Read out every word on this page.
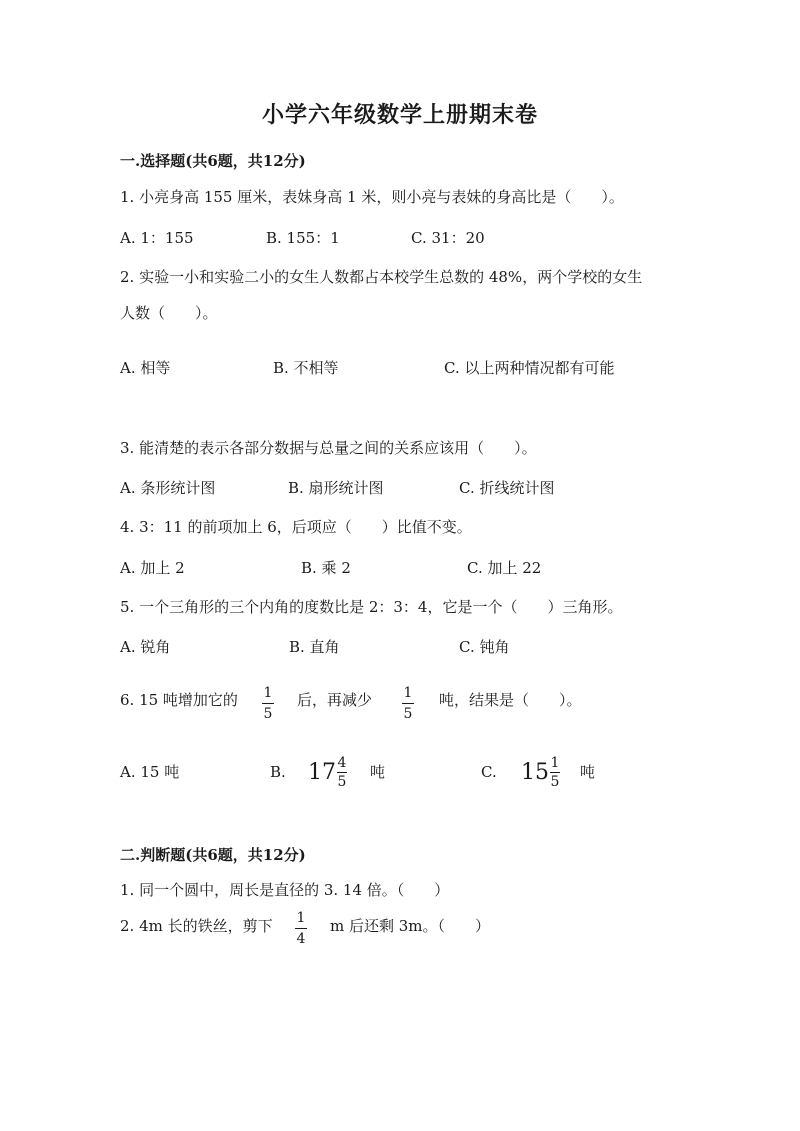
小学六年级数学上册期末卷
一.选择题(共6题，共12分)
1. 小亮身高 155 厘米，表妹身高 1 米，则小亮与表妹的身高比是（　　）。
A. 1：155	B. 155：1	C. 31：20
2. 实验一小和实验二小的女生人数都占本校学生总数的 48%，两个学校的女生
人数（　　）。
A. 相等	B. 不相等	C. 以上两种情况都有可能
3. 能清楚的表示各部分数据与总量之间的关系应该用（　　）。
A. 条形统计图	B. 扇形统计图	C. 折线统计图
4. 3：11 的前项加上 6，后项应（　　）比值不变。
A. 加上 2	B. 乘 2	C. 加上 22
5. 一个三角形的三个内角的度数比是 2：3：4，它是一个（　　）三角形。
A. 锐角	B. 直角	C. 钝角
6. 15 吨增加它的 1
5
后，再减少 1
5
吨，结果是（　　）。
A. 15 吨	B. 17 4
5
吨	C. 15 1
5
吨
二.判断题(共6题，共12分)
1. 同一个圆中，周长是直径的 3. 14 倍。（　　）
2. 4m 长的铁丝，剪下 1
4
m 后还剩 3m。（　　）
